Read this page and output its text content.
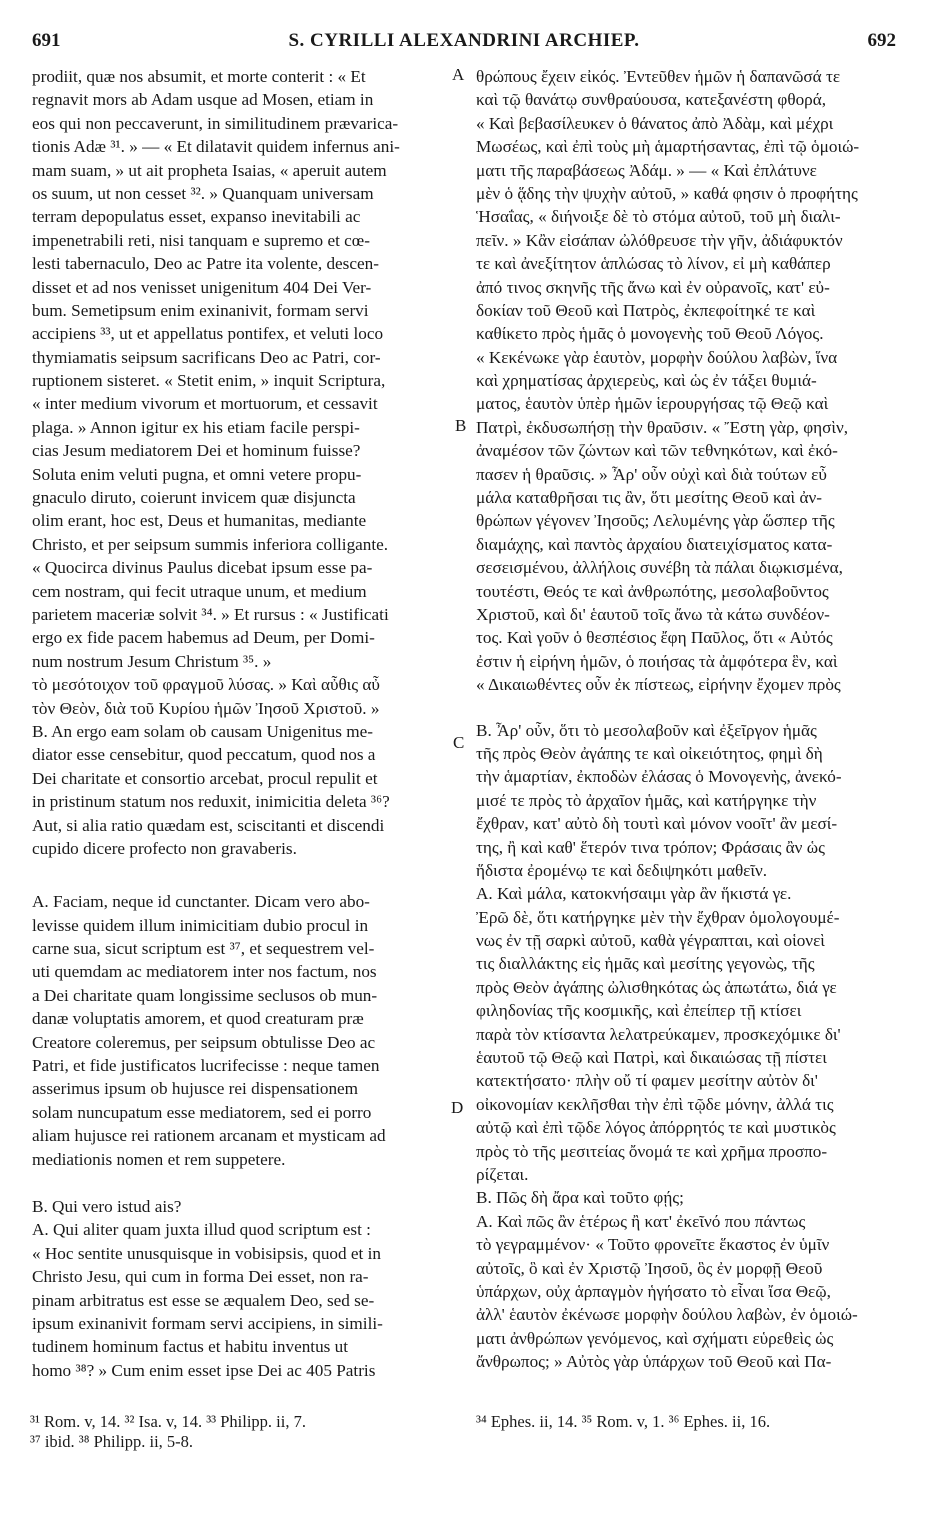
691	S. CYRILLI ALEXANDRINI ARCHIEP.	692
prodiit, quæ nos absumit, et morte conterit : « Et
regnavit mors ab Adam usque ad Mosen, etiam in
eos qui non peccaverunt, in similitudinem prævarica-
tionis Adæ ³¹. » — « Et dilatavit quidem infernus ani-
mam suam, » ut ait propheta Isaias, « aperuit autem
os suum, ut non cesset ³². » Quanquam universam
terram depopulatus esset, expanso inevitabili ac
impenetrabili reti, nisi tanquam e supremo et cœ-
lesti tabernaculo, Deo ac Patre ita volente, descen-
disset et ad nos venisset unigenitum 404 Dei Ver-
bum. Semetipsum enim exinanivit, formam servi
accipiens ³³, ut et appellatus pontifex, et veluti loco
thymiamatis seipsum sacrificans Deo ac Patri, cor-
ruptionem sisteret. « Stetit enim, » inquit Scriptura,
« inter medium vivorum et mortuorum, et cessavit
plaga. » Annon igitur ex his etiam facile perspi-
cias Jesum mediatorem Dei et hominum fuisse?
Soluta enim veluti pugna, et omni vetere propu-
gnaculo diruto, coierunt invicem quæ disjuncta
olim erant, hoc est, Deus et humanitas, mediante
Christo, et per seipsum summis inferiora colligante.
« Quocirca divinus Paulus dicebat ipsum esse pa-
cem nostram, qui fecit utraque unum, et medium
parietem maceriæ solvit ³⁴. » Et rursus : « Justificati
ergo ex fide pacem habemus ad Deum, per Domi-
num nostrum Jesum Christum ³⁵. »
τὸ μεσότοιχον τοῦ φραγμοῦ λύσας. » Καὶ αὖθις αὖ
τὸν Θεὸν, διὰ τοῦ Κυρίου ἡμῶν Ἰησοῦ Χριστοῦ. »
B. An ergo eam solam ob causam Unigenitus me-
diator esse censebitur, quod peccatum, quod nos a
Dei charitate et consortio arcebat, procul repulit et
in pristinum statum nos reduxit, inimicitia deleta ³⁶?
Aut, si alia ratio quædam est, sciscitanti et discendi
cupido dicere profecto non gravaberis.
A. Faciam, neque id cunctanter. Dicam vero abo-
levisse quidem illum inimicitiam dubio procul in
carne sua, sicut scriptum est ³⁷, et sequestrem vel-
uti quemdam ac mediatorem inter nos factum, nos
a Dei charitate quam longissime seclusos ob mun-
danæ voluptatis amorem, et quod creaturam præ
Creatore coleremus, per seipsum obtulisse Deo ac
Patri, et fide justificatos lucrifecisse : neque tamen
asserimus ipsum ob hujusce rei dispensationem
solam nuncupatum esse mediatorem, sed ei porro
aliam hujusce rei rationem arcanam et mysticam ad
mediationis nomen et rem suppetere.
B. Qui vero istud ais?
A. Qui aliter quam juxta illud quod scriptum est :
« Hoc sentite unusquisque in vobisipsis, quod et in
Christo Jesu, qui cum in forma Dei esset, non ra-
pinam arbitratus est esse se æqualem Deo, sed se-
ipsum exinanivit formam servi accipiens, in simili-
tudinem hominum factus et habitu inventus ut
homo ³⁸? » Cum enim esset ipse Dei ac 405 Patris
A
B
C
D
θρώπους ἔχειν εἰκός. Ἐντεῦθεν ἡμῶν ἡ δαπανῶσά τε
καὶ τῷ θανάτῳ συνθραύουσα, κατεξανέστη φθορά,
« Καὶ βεβασίλευκεν ὁ θάνατος ἀπὸ Ἀδὰμ, καὶ μέχρι
Μωσέως, καὶ ἐπὶ τοὺς μὴ ἁμαρτήσαντας, ἐπὶ τῷ ὁμοιώ-
ματι τῆς παραβάσεως Ἀδάμ. » — « Καὶ ἐπλάτυνε
μὲν ὁ ᾅδης τὴν ψυχὴν αὐτοῦ, » καθά φησιν ὁ προφήτης
Ἡσαΐας, « διήνοιξε δὲ τὸ στόμα αὐτοῦ, τοῦ μὴ διαλι-
πεῖν. » Κἂν εἰσάπαν ὠλόθρευσε τὴν γῆν, ἀδιάφυκτόν
τε καὶ ἀνεξίτητον ἁπλώσας τὸ λίνον, εἰ μὴ καθάπερ
ἀπό τινος σκηνῆς τῆς ἄνω καὶ ἐν οὐρανοῖς, κατ' εὐ-
δοκίαν τοῦ Θεοῦ καὶ Πατρὸς, ἐκπεφοίτηκέ τε καὶ
καθίκετο πρὸς ἡμᾶς ὁ μονογενὴς τοῦ Θεοῦ Λόγος.
« Κεκένωκε γὰρ ἑαυτὸν, μορφὴν δούλου λαβὼν, ἵνα
καὶ χρηματίσας ἀρχιερεὺς, καὶ ὡς ἐν τάξει θυμιά-
ματος, ἑαυτὸν ὑπὲρ ἡμῶν ἱερουργήσας τῷ Θεῷ καὶ
Πατρὶ, ἐκδυσωπήσῃ τὴν θραῦσιν. « Ἔστη γὰρ, φησὶν,
ἀναμέσον τῶν ζώντων καὶ τῶν τεθνηκότων, καὶ ἐκό-
πασεν ἡ θραῦσις. » Ἆρ' οὖν οὐχὶ καὶ διὰ τούτων εὖ
μάλα καταθρῆσαι τις ἂν, ὅτι μεσίτης Θεοῦ καὶ ἀν-
θρώπων γέγονεν Ἰησοῦς; Λελυμένης γὰρ ὥσπερ τῆς
διαμάχης, καὶ παντὸς ἀρχαίου διατειχίσματος κατα-
σεσεισμένου, ἀλλήλοις συνέβη τὰ πάλαι διῳκισμένα,
τουτέστι, Θεός τε καὶ ἀνθρωπότης, μεσολαβοῦντος
Χριστοῦ, καὶ δι' ἑαυτοῦ τοῖς ἄνω τὰ κάτω συνδέον-
τος. Καὶ γοῦν ὁ θεσπέσιος ἔφη Παῦλος, ὅτι « Αὐτός
ἐστιν ἡ εἰρήνη ἡμῶν, ὁ ποιήσας τὰ ἀμφότερα ἓν, καὶ
« Δικαιωθέντες οὖν ἐκ πίστεως, εἰρήνην ἔχομεν πρὸς
B. Ἆρ' οὖν, ὅτι τὸ μεσολαβοῦν καὶ ἐξεῖργον ἡμᾶς
τῆς πρὸς Θεὸν ἀγάπης τε καὶ οἰκειότητος, φημὶ δὴ
τὴν ἁμαρτίαν, ἐκποδὼν ἐλάσας ὁ Μονογενὴς, ἀνεκό-
μισέ τε πρὸς τὸ ἀρχαῖον ἡμᾶς, καὶ κατήργηκε τὴν
ἔχθραν, κατ' αὐτὸ δὴ τουτὶ καὶ μόνον νοοῖτ' ἂν μεσί-
της, ἢ καὶ καθ' ἕτερόν τινα τρόπον; Φράσαις ἂν ὡς
ἥδιστα ἐρομένῳ τε καὶ δεδιψηκότι μαθεῖν.
A. Καὶ μάλα, κατοκνήσαιμι γὰρ ἂν ἥκιστά γε.
Ἐρῶ δὲ, ὅτι κατήργηκε μὲν τὴν ἔχθραν ὁμολογουμέ-
νως ἐν τῇ σαρκὶ αὐτοῦ, καθὰ γέγραπται, καὶ οἱονεὶ
τις διαλλάκτης εἰς ἡμᾶς καὶ μεσίτης γεγονὼς, τῆς
πρὸς Θεὸν ἀγάπης ὠλισθηκότας ὡς ἀπωτάτω, διά γε
φιληδονίας τῆς κοσμικῆς, καὶ ἐπείπερ τῇ κτίσει
παρὰ τὸν κτίσαντα λελατρεύκαμεν, προσκεχόμικε δι'
ἑαυτοῦ τῷ Θεῷ καὶ Πατρὶ, καὶ δικαιώσας τῇ πίστει
κατεκτήσατο· πλὴν οὔ τί φαμεν μεσίτην αὐτὸν δι'
οἰκονομίαν κεκλῆσθαι τὴν ἐπὶ τῷδε μόνην, ἀλλά τις
αὐτῷ καὶ ἐπὶ τῷδε λόγος ἀπόρρητός τε καὶ μυστικὸς
πρὸς τὸ τῆς μεσιτείας ὄνομά τε καὶ χρῆμα προσπο-
ρίζεται.
B. Πῶς δὴ ἄρα καὶ τοῦτο φῄς;
A. Καὶ πῶς ἂν ἑτέρως ἢ κατ' ἐκεῖνό που πάντως
τὸ γεγραμμένον· « Τοῦτο φρονεῖτε ἕκαστος ἐν ὑμῖν
αὐτοῖς, ὃ καὶ ἐν Χριστῷ Ἰησοῦ, ὃς ἐν μορφῇ Θεοῦ
ὑπάρχων, οὐχ ἁρπαγμὸν ἡγήσατο τὸ εἶναι ἴσα Θεῷ,
ἀλλ' ἑαυτὸν ἐκένωσε μορφὴν δούλου λαβὼν, ἐν ὁμοιώ-
ματι ἀνθρώπων γενόμενος, καὶ σχήματι εὑρεθεὶς ὡς
ἄνθρωπος; » Αὐτὸς γὰρ ὑπάρχων τοῦ Θεοῦ καὶ Πα-
³¹ Rom. v, 14. ³² Isa. v, 14. ³³ Philipp. ii, 7.	³⁴ Ephes. ii, 14. ³⁵ Rom. v, 1. ³⁶ Ephes. ii, 16.
³⁷ ibid. ³⁸ Philipp. ii, 5-8.
